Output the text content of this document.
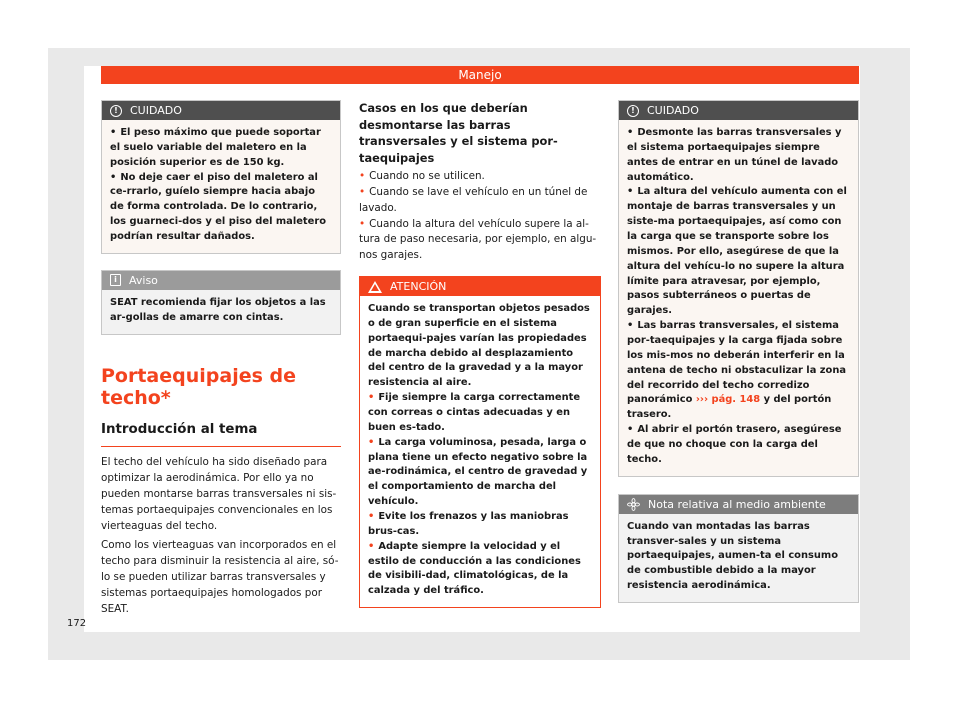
Manejo
!	CUIDADO

• El peso máximo que puede soportar el suelo variable del maletero en la posición superior es de 150 kg.

• No deje caer el piso del maletero al ce-rrarlo, guíelo siempre hacia abajo de forma controlada. De lo contrario, los guarneci-dos y el piso del maletero podrían resultar dañados.

i	Aviso

SEAT recomienda fijar los objetos a las ar-gollas de amarre con cintas.

Portaequipajes de techo*
Introducción al tema

El techo del vehículo ha sido diseñado para optimizar la aerodinámica. Por ello ya no pueden montarse barras transversales ni sis-temas portaequipajes convencionales en los vierteaguas del techo.

Como los vierteaguas van incorporados en el techo para disminuir la resistencia al aire, só-lo se pueden utilizar barras transversales y sistemas portaequipajes homologados por SEAT.

Casos en los que deberían desmontarse las barras transversales y el sistema por-taequipajes

• Cuando no se utilicen.

• Cuando se lave el vehículo en un túnel de lavado.

• Cuando la altura del vehículo supere la al-tura de paso necesaria, por ejemplo, en algu-nos garajes.

ATENCIÓN

Cuando se transportan objetos pesados o de gran superficie en el sistema portaequi-pajes varían las propiedades de marcha debido al desplazamiento del centro de la gravedad y a la mayor resistencia al aire.

• Fije siempre la carga correctamente con correas o cintas adecuadas y en buen es-tado.

• La carga voluminosa, pesada, larga o plana tiene un efecto negativo sobre la ae-rodinámica, el centro de gravedad y el comportamiento de marcha del vehículo.

• Evite los frenazos y las maniobras brus-cas.

• Adapte siempre la velocidad y el estilo de conducción a las condiciones de visibili-dad, climatológicas, de la calzada y del tráfico.

!	CUIDADO

• Desmonte las barras transversales y el sistema portaequipajes siempre antes de entrar en un túnel de lavado automático.

• La altura del vehículo aumenta con el montaje de barras transversales y un siste-ma portaequipajes, así como con la carga que se transporte sobre los mismos. Por ello, asegúrese de que la altura del vehícu-lo no supere la altura límite para atravesar, por ejemplo, pasos subterráneos o puertas de garajes.

• Las barras transversales, el sistema por-taequipajes y la carga fijada sobre los mis-mos no deberán interferir en la antena de techo ni obstaculizar la zona del recorrido del techo corredizo panorámico ››› pág. 148 y del portón trasero.

• Al abrir el portón trasero, asegúrese de que no choque con la carga del techo.

Nota relativa al medio ambiente

Cuando van montadas las barras transver-sales y un sistema portaequipajes, aumen-ta el consumo de combustible debido a la mayor resistencia aerodinámica.

172
